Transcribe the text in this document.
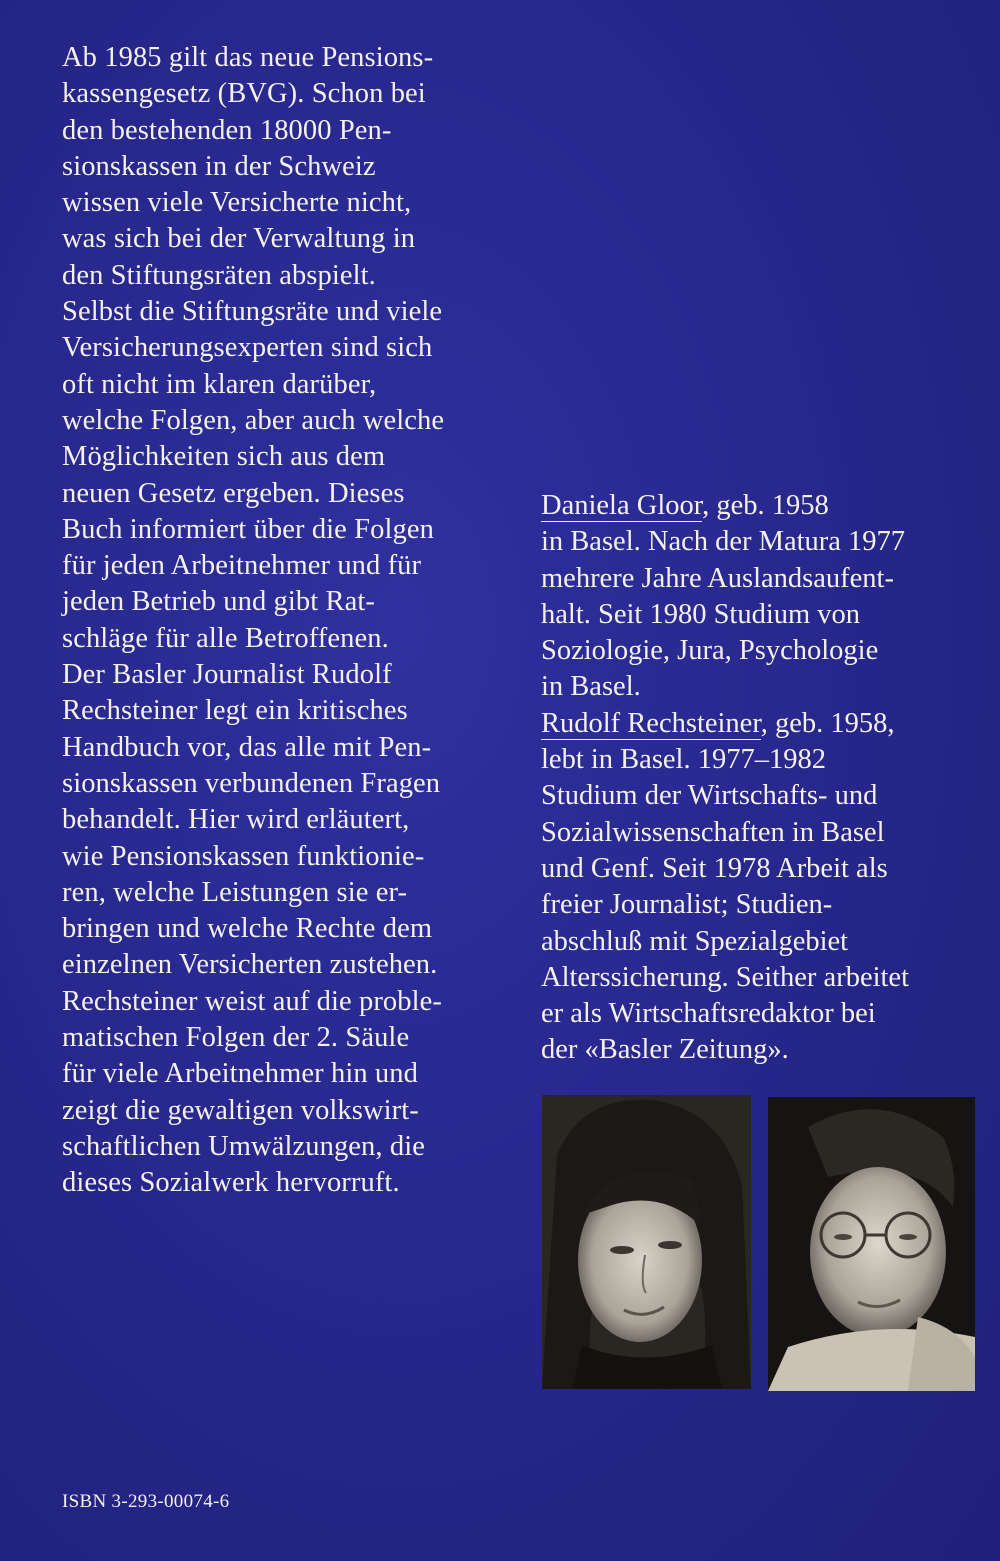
Ab 1985 gilt das neue Pensions-
kassengesetz (BVG). Schon bei
den bestehenden 18000 Pen-
sionskassen in der Schweiz
wissen viele Versicherte nicht,
was sich bei der Verwaltung in
den Stiftungsräten abspielt.
Selbst die Stiftungsräte und viele
Versicherungsexperten sind sich
oft nicht im klaren darüber,
welche Folgen, aber auch welche
Möglichkeiten sich aus dem
neuen Gesetz ergeben. Dieses
Buch informiert über die Folgen
für jeden Arbeitnehmer und für
jeden Betrieb und gibt Rat-
schläge für alle Betroffenen.
Der Basler Journalist Rudolf
Rechsteiner legt ein kritisches
Handbuch vor, das alle mit Pen-
sionskassen verbundenen Fragen
behandelt. Hier wird erläutert,
wie Pensionskassen funktionie-
ren, welche Leistungen sie er-
bringen und welche Rechte dem
einzelnen Versicherten zustehen.
Rechsteiner weist auf die proble-
matischen Folgen der 2. Säule
für viele Arbeitnehmer hin und
zeigt die gewaltigen volkswirt-
schaftlichen Umwälzungen, die
dieses Sozialwerk hervorruft.
Daniela Gloor, geb. 1958
in Basel. Nach der Matura 1977
mehrere Jahre Auslandsaufent-
halt. Seit 1980 Studium von
Soziologie, Jura, Psychologie
in Basel.
Rudolf Rechsteiner, geb. 1958,
lebt in Basel. 1977–1982
Studium der Wirtschafts- und
Sozialwissenschaften in Basel
und Genf. Seit 1978 Arbeit als
freier Journalist; Studien-
abschluß mit Spezialgebiet
Alterssicherung. Seither arbeitet
er als Wirtschaftsredaktor bei
der «Basler Zeitung».
ISBN 3-293-00074-6
